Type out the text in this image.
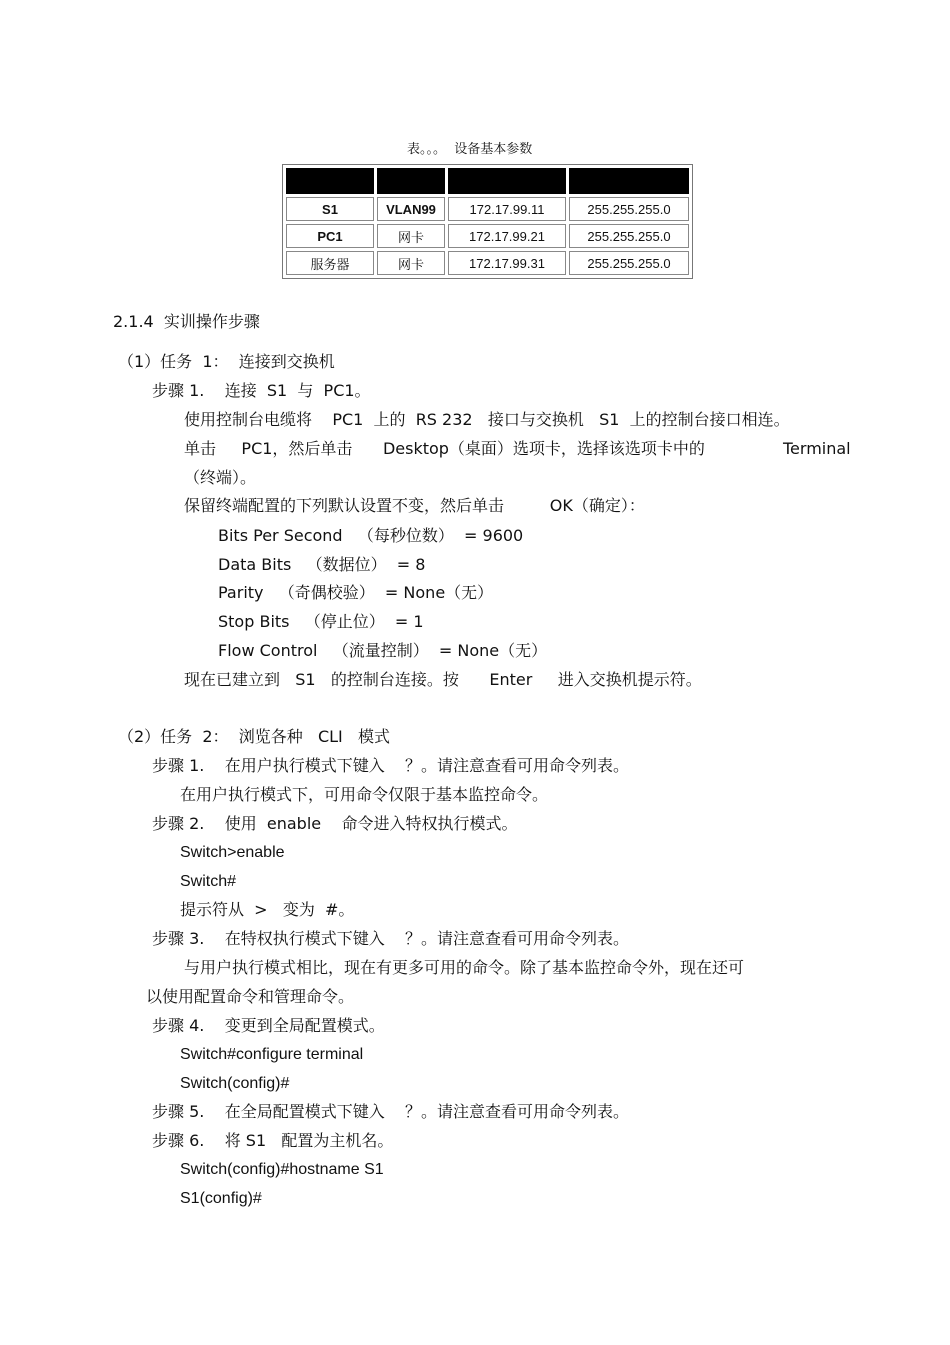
表。。。  设备基本参数

S1	VLAN99	172.17.99.11	255.255.255.0
PC1	网卡	172.17.99.21	255.255.255.0
服务器	网卡	172.17.99.31	255.255.255.0
2.1.4  实训操作步骤
（1）任务  1：  连接到交换机
步骤 1.    连接  S1  与  PC1。
使用控制台电缆将    PC1  上的  RS 232   接口与交换机   S1  上的控制台接口相连。
单击     PC1，然后单击      Desktop（桌面）选项卡，选择该选项卡中的	Terminal
（终端）。
保留终端配置的下列默认设置不变，然后单击         OK（确定）：
Bits Per Second   （每秒位数）  = 9600
Data Bits   （数据位）  = 8
Parity   （奇偶校验）  = None（无）
Stop Bits   （停止位）  = 1
Flow Control   （流量控制）  = None（无）
现在已建立到   S1   的控制台连接。按      Enter     进入交换机提示符。
（2）任务  2：  浏览各种   CLI   模式
步骤 1.    在用户执行模式下键入    ？。请注意查看可用命令列表。
在用户执行模式下，可用命令仅限于基本监控命令。
步骤 2.    使用  enable    命令进入特权执行模式。
Switch>enable
Switch#
提示符从  >   变为  #。
步骤 3.    在特权执行模式下键入    ？。请注意查看可用命令列表。
与用户执行模式相比，现在有更多可用的命令。除了基本监控命令外，现在还可
以使用配置命令和管理命令。
步骤 4.    变更到全局配置模式。
Switch#configure terminal
Switch(config)#
步骤 5.    在全局配置模式下键入    ？。请注意查看可用命令列表。
步骤 6.    将 S1   配置为主机名。
Switch(config)#hostname S1
S1(config)#
